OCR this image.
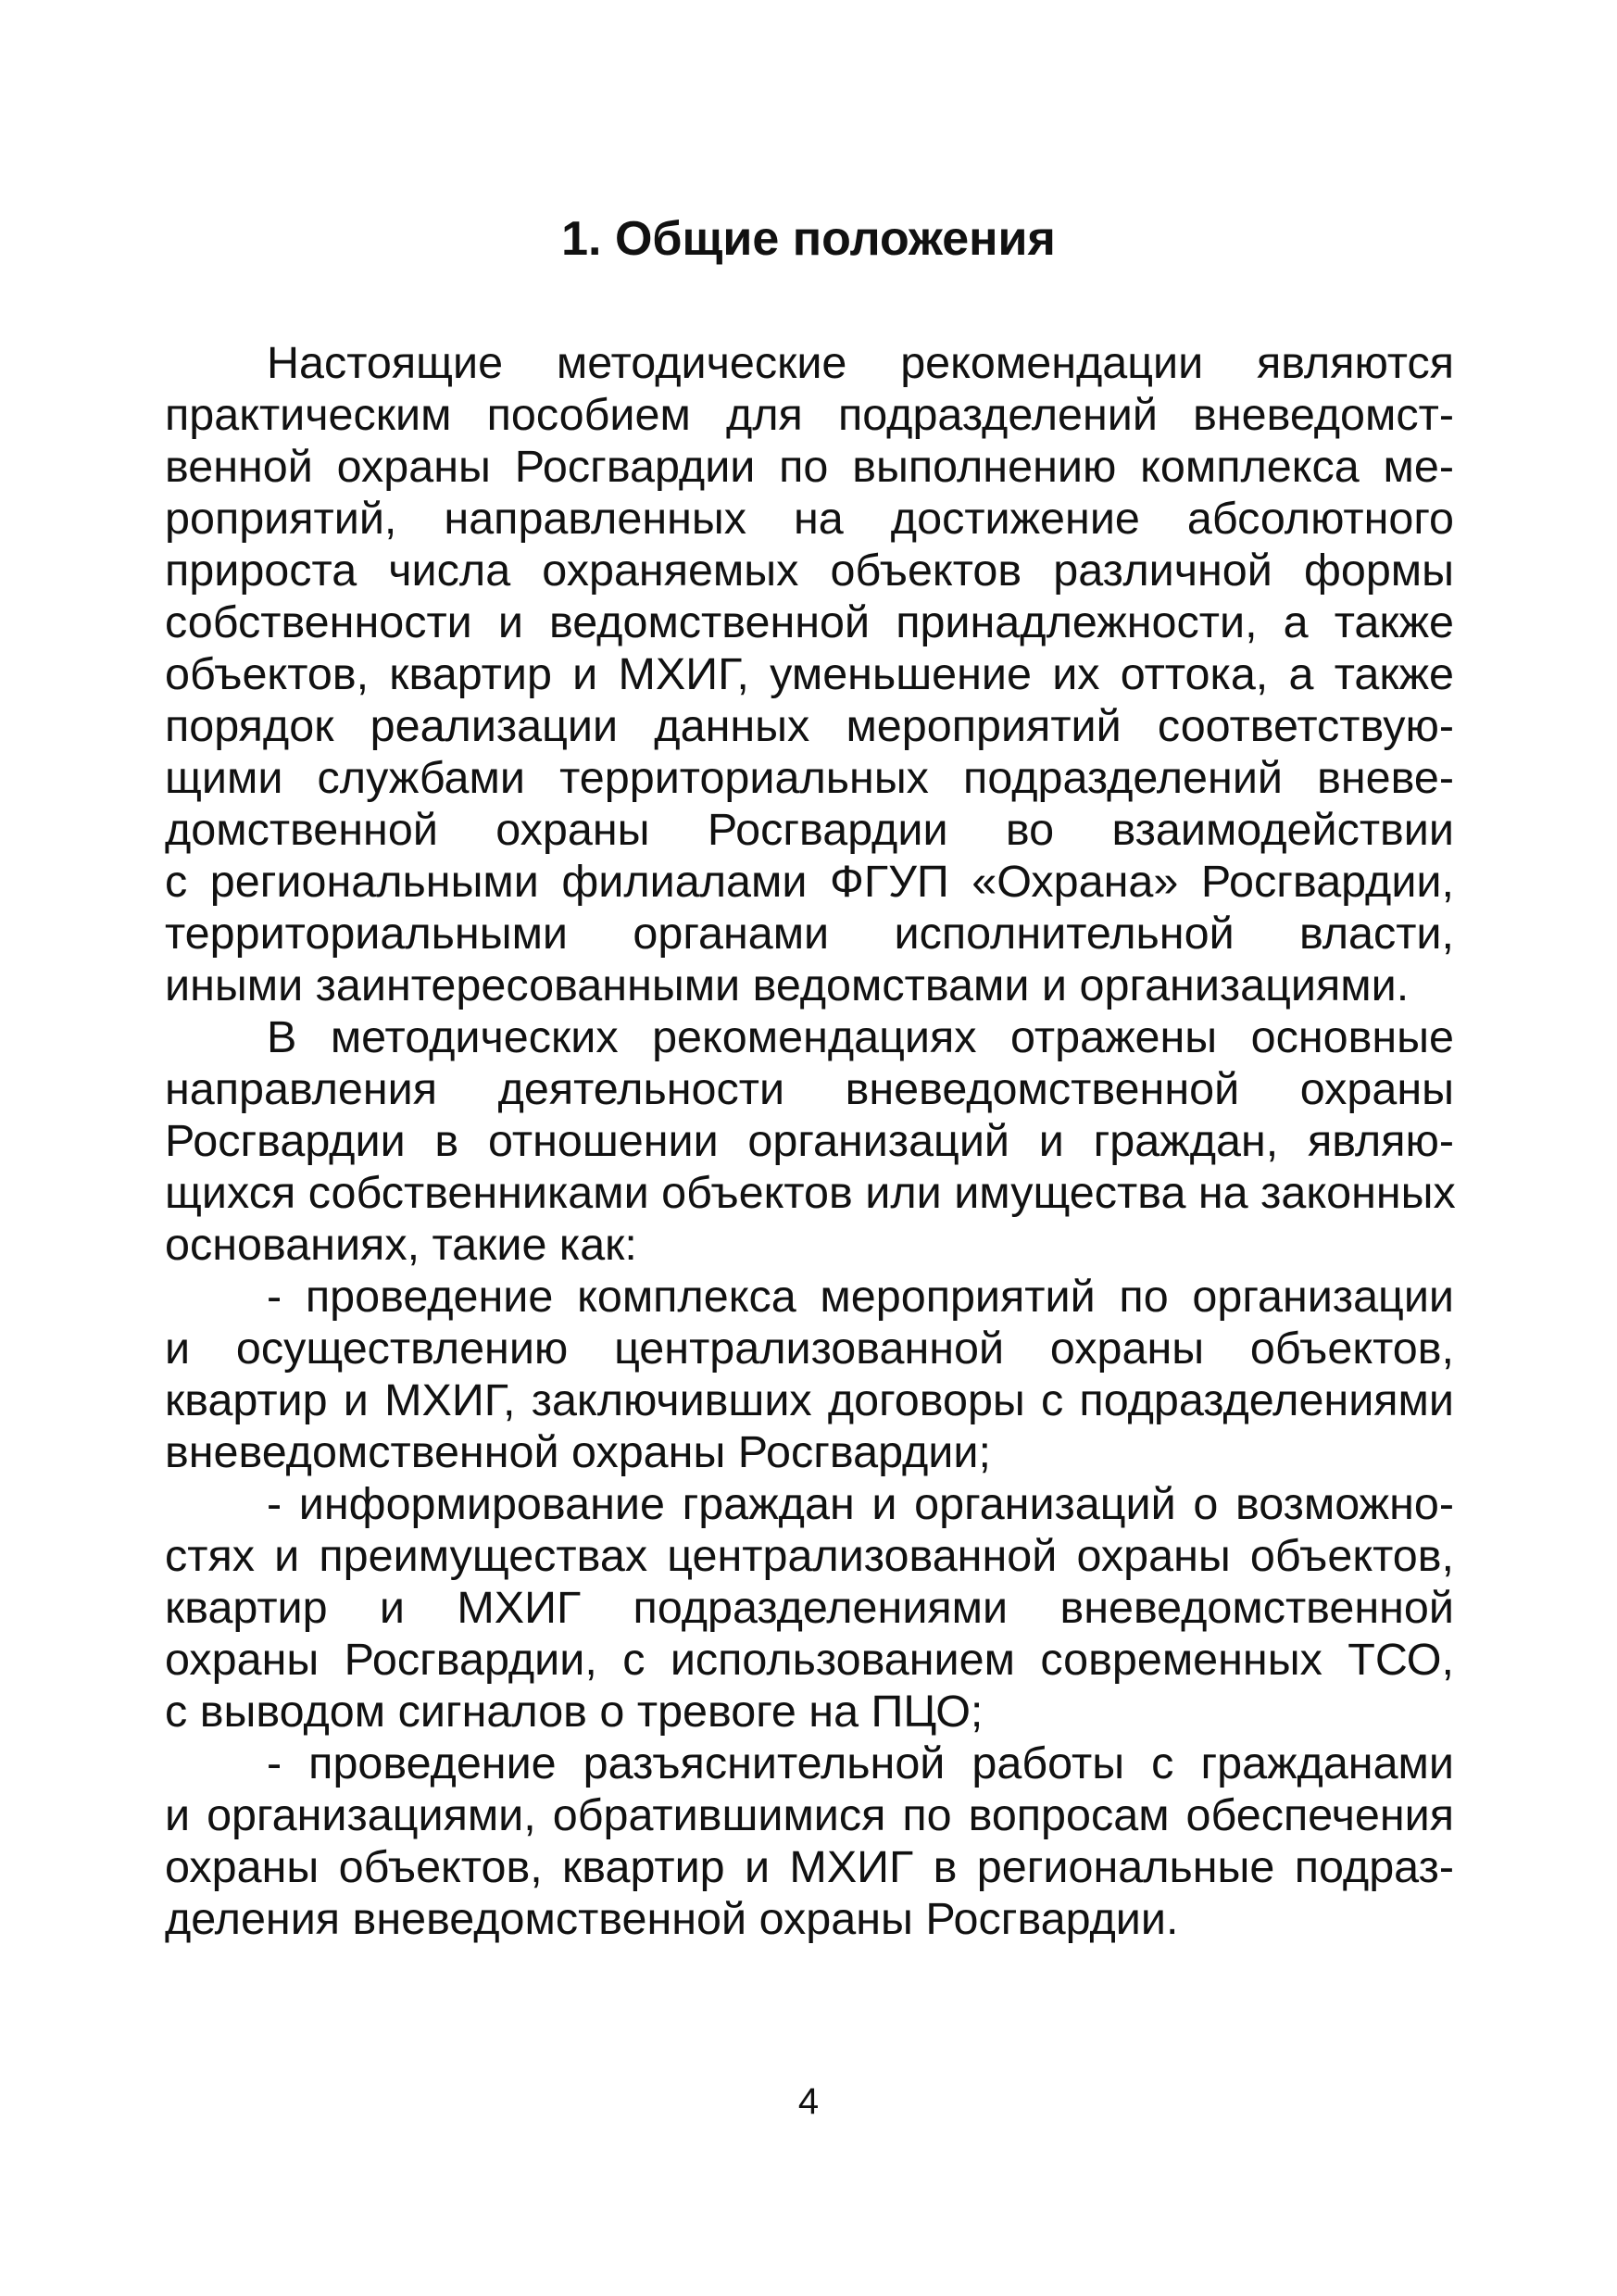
1. Общие положения

Настоящие методические рекомендации являются

практическим пособием для подразделений вневедомст-

венной охраны Росгвардии по выполнению комплекса ме-

роприятий, направленных на достижение абсолютного

прироста числа охраняемых объектов различной формы

собственности и ведомственной принадлежности, а также

объектов, квартир и МХИГ, уменьшение их оттока, а также

порядок реализации данных мероприятий соответствую-

щими службами территориальных подразделений вневе-

домственной охраны Росгвардии во взаимодействии

с региональными филиалами ФГУП «Охрана» Росгвардии,

территориальными органами исполнительной власти,

иными заинтересованными ведомствами и организациями.

В методических рекомендациях отражены основные

направления деятельности вневедомственной охраны

Росгвардии в отношении организаций и граждан, являю-

щихся собственниками объектов или имущества на законных

основаниях, такие как:

- проведение комплекса мероприятий по организации

и осуществлению централизованной охраны объектов,

квартир и МХИГ, заключивших договоры с подразделениями

вневедомственной охраны Росгвардии;

- информирование граждан и организаций о возможно-

стях и преимуществах централизованной охраны объектов,

квартир и МХИГ подразделениями вневедомственной

охраны Росгвардии, с использованием современных ТСО,

с выводом сигналов о тревоге на ПЦО;

- проведение разъяснительной работы с гражданами

и организациями, обратившимися по вопросам обеспечения

охраны объектов, квартир и МХИГ в региональные подраз-

деления вневедомственной охраны Росгвардии.

4
